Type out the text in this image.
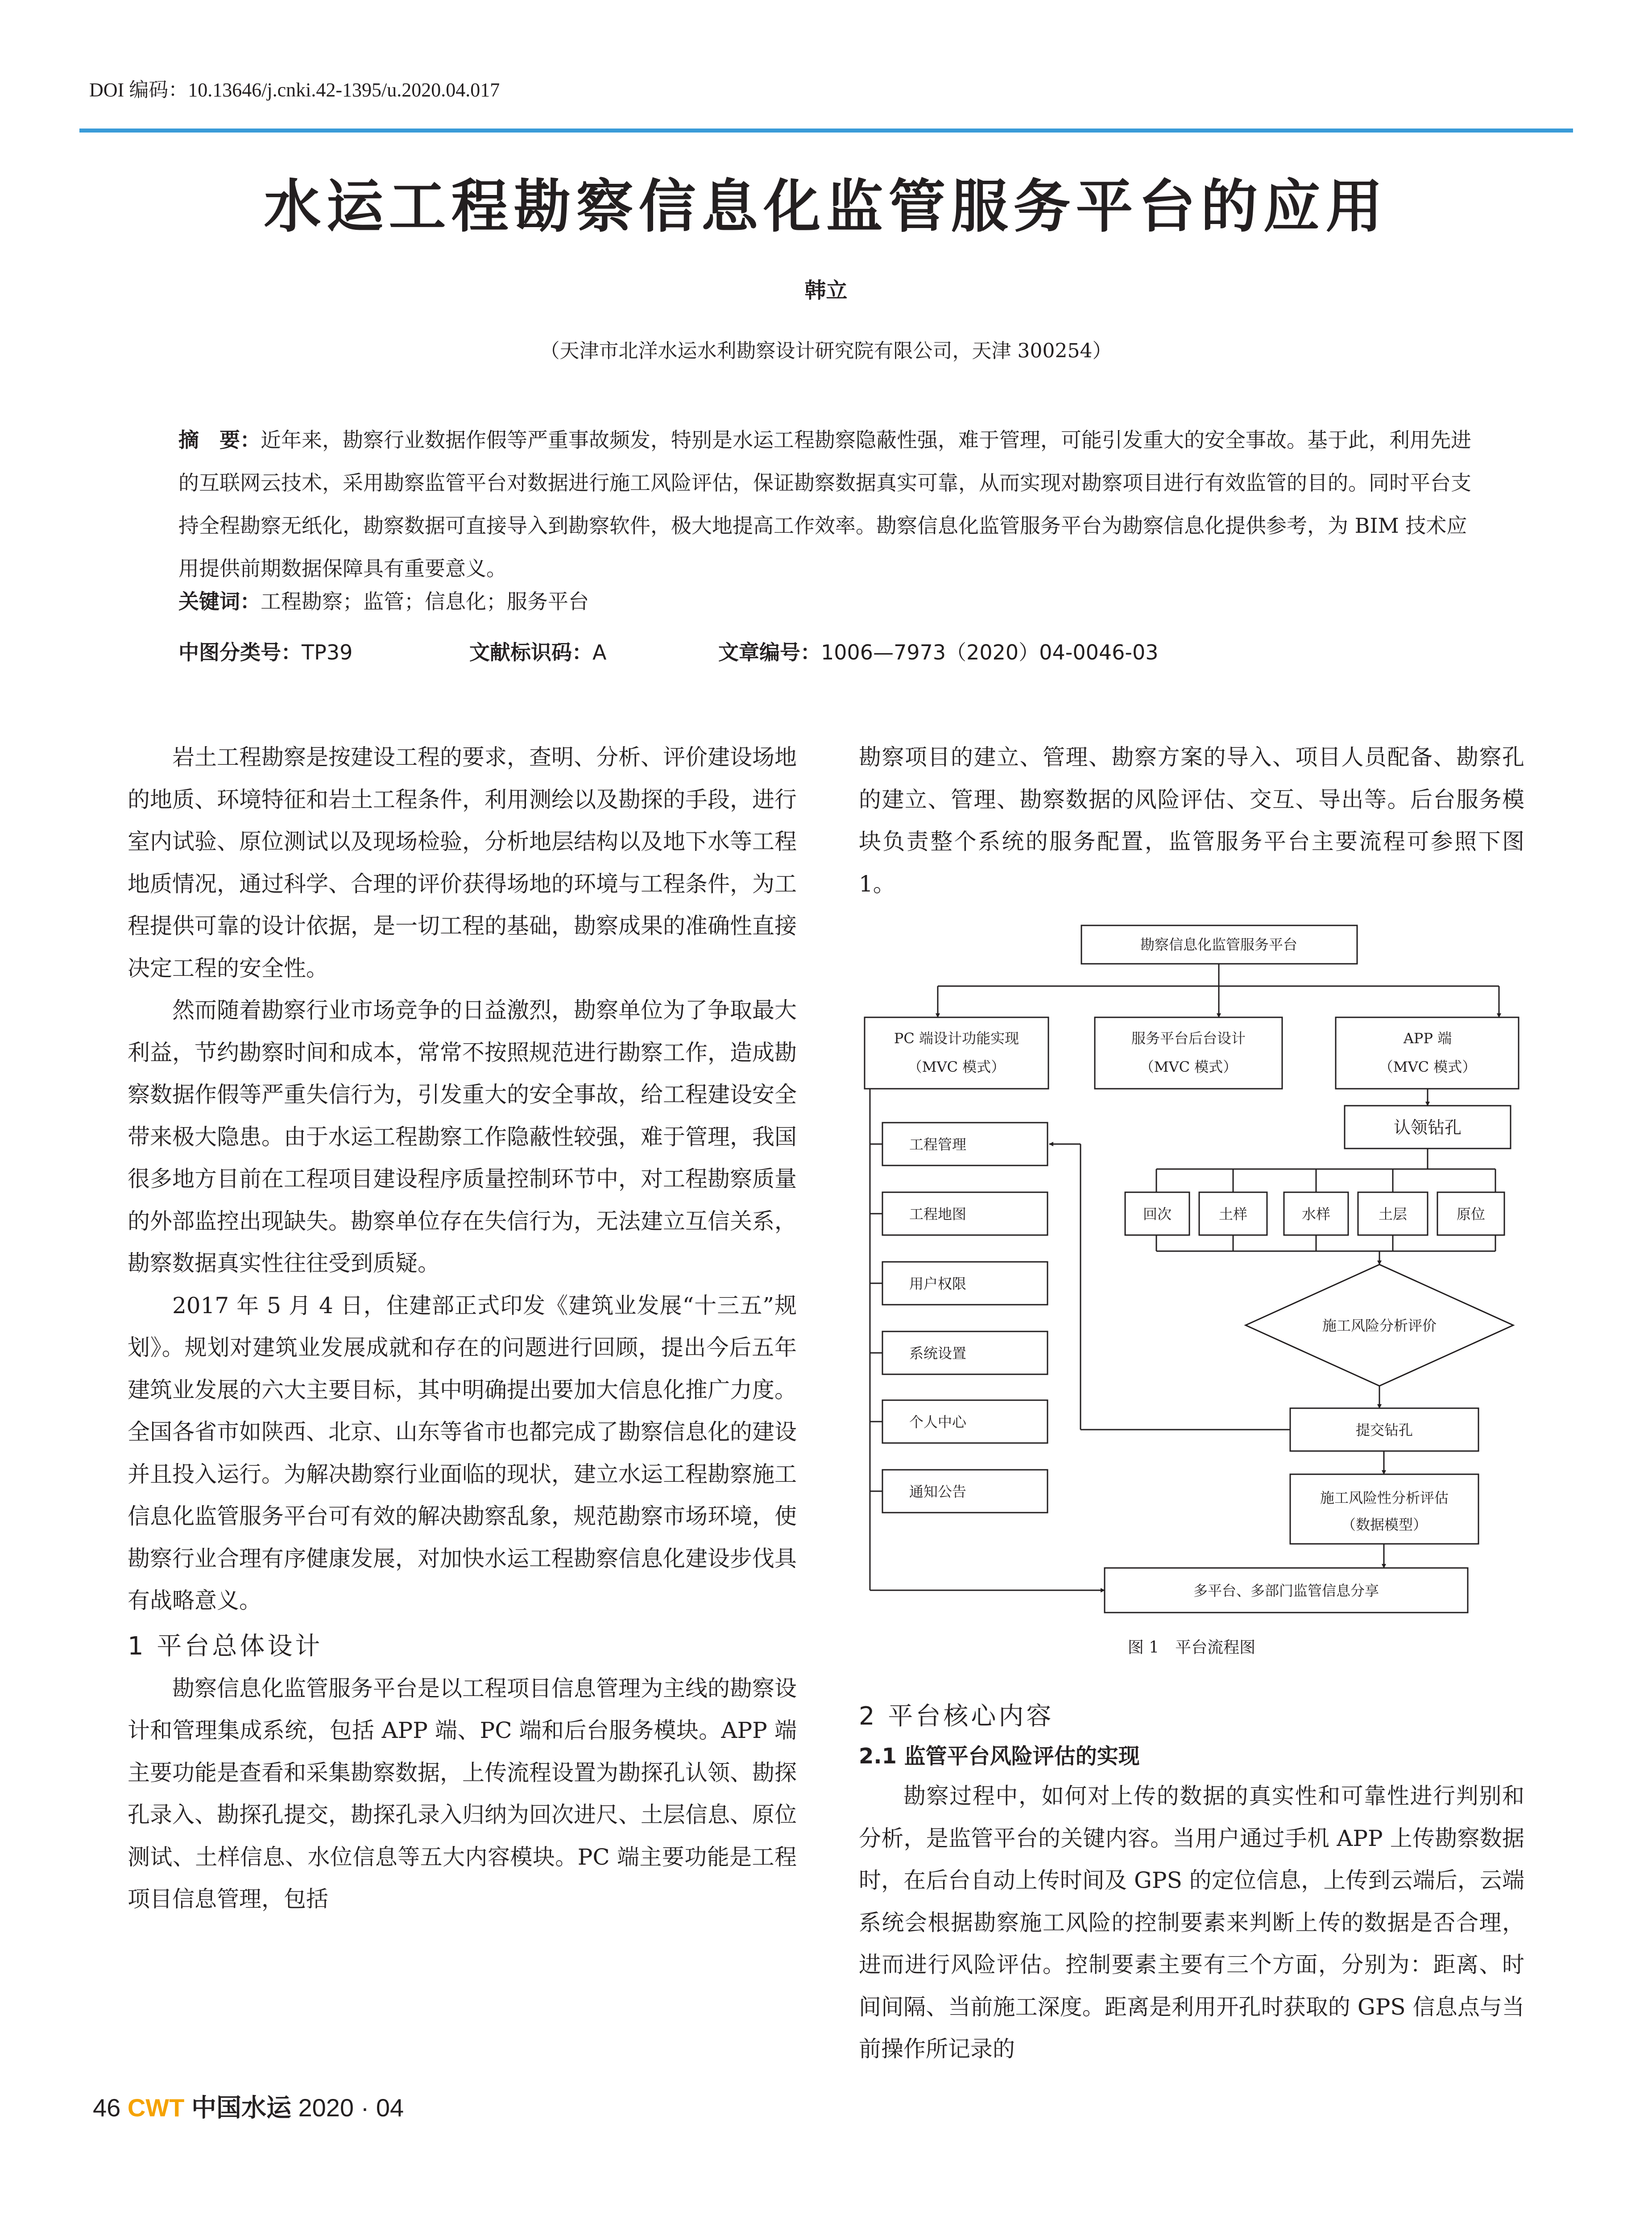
DOI 编码：10.13646/j.cnki.42-1395/u.2020.04.017
水运工程勘察信息化监管服务平台的应用
韩立
（天津市北洋水运水利勘察设计研究院有限公司，天津 300254）
摘　要：近年来，勘察行业数据作假等严重事故频发，特别是水运工程勘察隐蔽性强，难于管理，可能引发重大的安全事故。基于此，利用先进的互联网云技术，采用勘察监管平台对数据进行施工风险评估，保证勘察数据真实可靠，从而实现对勘察项目进行有效监管的目的。同时平台支持全程勘察无纸化，勘察数据可直接导入到勘察软件，极大地提高工作效率。勘察信息化监管服务平台为勘察信息化提供参考，为 BIM 技术应用提供前期数据保障具有重要意义。
关键词：工程勘察；监管；信息化；服务平台
中图分类号：TP39	文献标识码：A	文章编号：1006—7973（2020）04-0046-03

岩土工程勘察是按建设工程的要求，查明、分析、评价建设场地的地质、环境特征和岩土工程条件，利用测绘以及勘探的手段，进行室内试验、原位测试以及现场检验，分析地层结构以及地下水等工程地质情况，通过科学、合理的评价获得场地的环境与工程条件，为工程提供可靠的设计依据，是一切工程的基础，勘察成果的准确性直接决定工程的安全性。

然而随着勘察行业市场竞争的日益激烈，勘察单位为了争取最大利益，节约勘察时间和成本，常常不按照规范进行勘察工作，造成勘察数据作假等严重失信行为，引发重大的安全事故，给工程建设安全带来极大隐患。由于水运工程勘察工作隐蔽性较强，难于管理，我国很多地方目前在工程项目建设程序质量控制环节中，对工程勘察质量的外部监控出现缺失。勘察单位存在失信行为，无法建立互信关系，勘察数据真实性往往受到质疑。

2017 年 5 月 4 日，住建部正式印发《建筑业发展“十三五”规划》。规划对建筑业发展成就和存在的问题进行回顾，提出今后五年建筑业发展的六大主要目标，其中明确提出要加大信息化推广力度。全国各省市如陕西、北京、山东等省市也都完成了勘察信息化的建设并且投入运行。为解决勘察行业面临的现状，建立水运工程勘察施工信息化监管服务平台可有效的解决勘察乱象，规范勘察市场环境，使勘察行业合理有序健康发展，对加快水运工程勘察信息化建设步伐具有战略意义。

1 平台总体设计

勘察信息化监管服务平台是以工程项目信息管理为主线的勘察设计和管理集成系统，包括 APP 端、PC 端和后台服务模块。APP 端主要功能是查看和采集勘察数据，上传流程设置为勘探孔认领、勘探孔录入、勘探孔提交，勘探孔录入归纳为回次进尺、土层信息、原位测试、土样信息、水位信息等五大内容模块。PC 端主要功能是工程项目信息管理，包括

勘察项目的建立、管理、勘察方案的导入、项目人员配备、勘察孔的建立、管理、勘察数据的风险评估、交互、导出等。后台服务模块负责整个系统的服务配置，监管服务平台主要流程可参照下图 1。

勘察信息化监管服务平台
PC 端设计功能实现
（MVC 模式）
服务平台后台设计
（MVC 模式）
APP 端
（MVC 模式）
认领钻孔
工程管理
工程地图
用户权限
系统设置
个人中心
通知公告
回次	土样	水样	土层	原位
施工风险分析评价
提交钻孔
施工风险性分析评估
（数据模型）
多平台、多部门监管信息分享
图 1　平台流程图
2 平台核心内容
2.1 监管平台风险评估的实现

勘察过程中，如何对上传的数据的真实性和可靠性进行判别和分析，是监管平台的关键内容。当用户通过手机 APP 上传勘察数据时，在后台自动上传时间及 GPS 的定位信息，上传到云端后，云端系统会根据勘察施工风险的控制要素来判断上传的数据是否合理，进而进行风险评估。控制要素主要有三个方面，分别为：距离、时间间隔、当前施工深度。距离是利用开孔时获取的 GPS 信息点与当前操作所记录的

46 CWT 中国水运 2020 · 04
